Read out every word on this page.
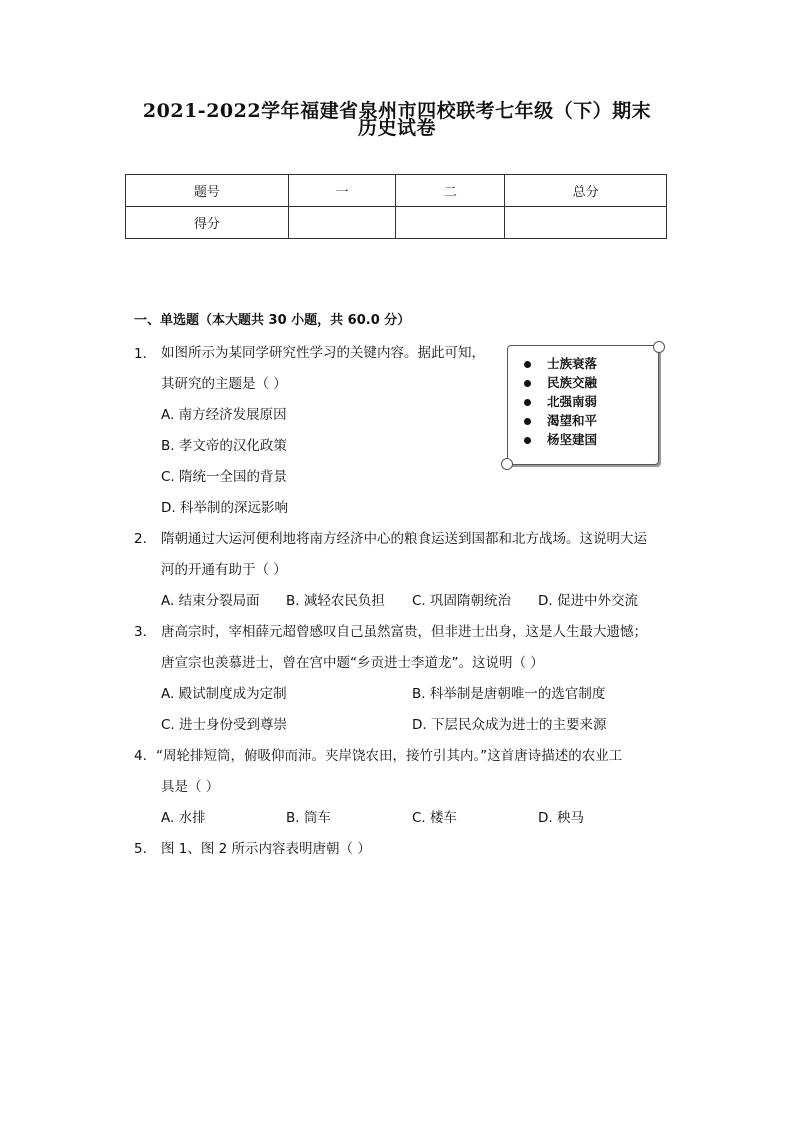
2021-2022学年福建省泉州市四校联考七年级（下）期末
历史试卷
题号	一	二	总分
得分			
一、单选题（本大题共 30 小题，共 60.0 分）
1. 如图所示为某同学研究性学习的关键内容。据此可知，
其研究的主题是（ ）
A. 南方经济发展原因
B. 孝文帝的汉化政策
C. 隋统一全国的背景
D. 科举制的深远影响
士族衰落
民族交融
北强南弱
渴望和平
杨坚建国
2. 隋朝通过大运河便利地将南方经济中心的粮食运送到国都和北方战场。这说明大运
河的开通有助于（ ）
A. 结束分裂局面 B. 减轻农民负担 C. 巩固隋朝统治 D. 促进中外交流
3. 唐高宗时，宰相薛元超曾感叹自己虽然富贵，但非进士出身，这是人生最大遗憾；
唐宣宗也羡慕进士，曾在宫中题“乡贡进士李道龙”。这说明（ ）
A. 殿试制度成为定制	B. 科举制是唐朝唯一的选官制度
C. 进士身份受到尊崇	D. 下层民众成为进士的主要来源
4. “周轮排短筒，俯吸仰而沛。夹岸饶农田，接竹引其内。”这首唐诗描述的农业工
具是（ ）
A. 水排	B. 筒车	C. 楼车	D. 秧马
5. 图 1、图 2 所示内容表明唐朝（ ）
